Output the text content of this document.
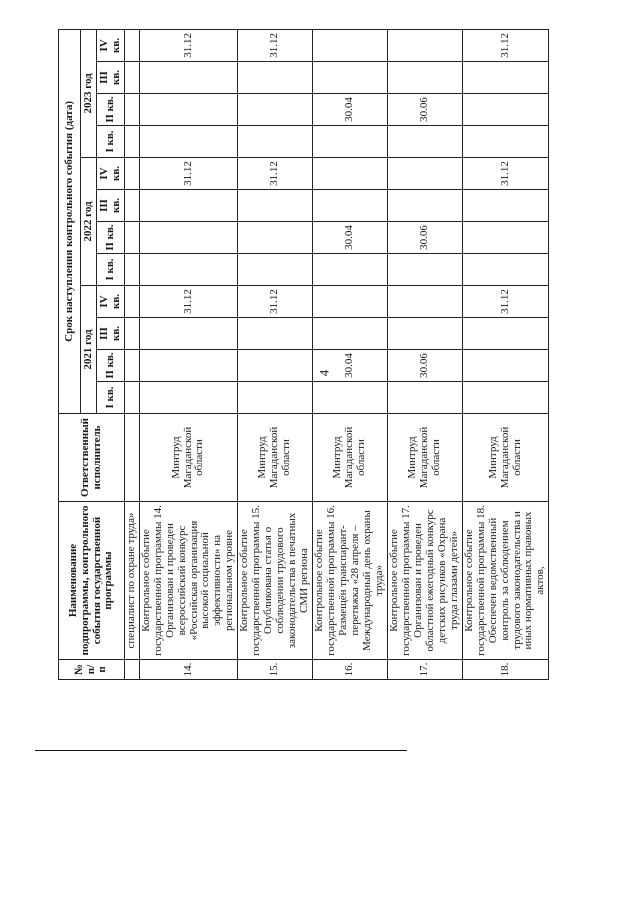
4
№ п/п	Наименование подпрограммы, контрольного события государственной программы	Ответственный исполнитель	Срок наступления контрольного события (дата)											
			2021 год				2022 год				2023 год			
			I кв.	II кв.	III кв.	IV кв.	I кв.	II кв.	III кв.	IV кв.	I кв.	II кв.	III кв.	IV кв.
	специалист по охране труда»													
14.	Контрольное событие государственной программы 14. Организован и проведен всероссийский конкурс «Российская организация высокой социальной эффективности» на региональном уровне	Минтруд Магаданской области				31.12				31.12				31.12
15.	Контрольное событие государственной программы 15. Опубликована статья о соблюдении трудового законодательства в печатных СМИ региона	Минтруд Магаданской области				31.12				31.12				31.12
16.	Контрольное событие государственной программы 16. Размещён транспарант-перетяжка «28 апреля – Международный день охраны труда»	Минтруд Магаданской области		30.04				30.04				30.04		
17.	Контрольное событие государственной программы 17. Организован и проведен областной ежегодный конкурс детских рисунков «Охрана труда глазами детей»	Минтруд Магаданской области		30.06				30.06				30.06		
18.	Контрольное событие государственной программы 18. Обеспечен ведомственный контроль за соблюдением трудового законодательства и иных нормативных правовых актов,	Минтруд Магаданской области				31.12				31.12				31.12
